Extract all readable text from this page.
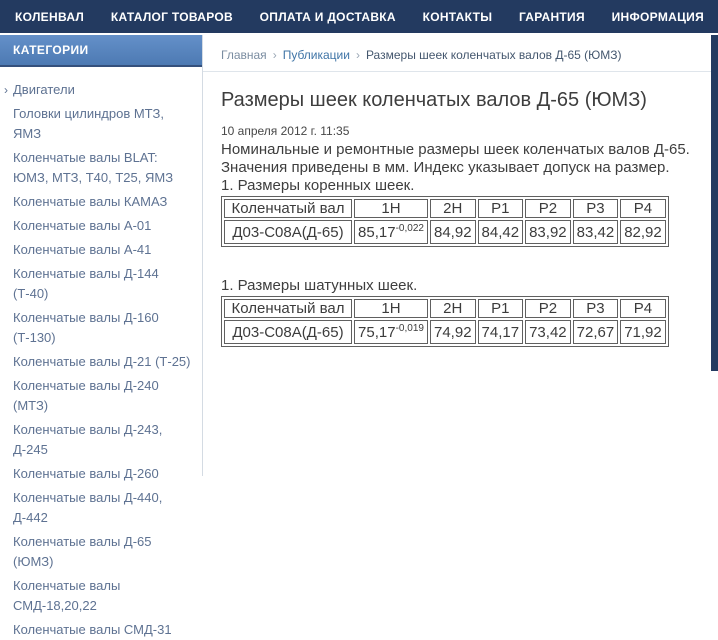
КОЛЕНВАЛ КАТАЛОГ ТОВАРОВ ОПЛАТА И ДОСТАВКА КОНТАКТЫ ГАРАНТИЯ ИНФОРМАЦИЯ
КАТЕГОРИИ
› Двигатели
Головки цилиндров МТЗ, ЯМЗ
Коленчатые валы BLAT: ЮМЗ, МТЗ, Т40, Т25, ЯМЗ
Коленчатые валы КАМАЗ
Коленчатые валы А-01
Коленчатые валы А-41
Коленчатые валы Д-144 (Т-40)
Коленчатые валы Д-160 (Т-130)
Коленчатые валы Д-21 (Т-25)
Коленчатые валы Д-240 (МТЗ)
Коленчатые валы Д-243, Д-245
Коленчатые валы Д-260
Коленчатые валы Д-440, Д-442
Коленчатые валы Д-65 (ЮМЗ)
Коленчатые валы СМД-18,20,22
Коленчатые валы СМД-31
Главная › Публикации › Размеры шеек коленчатых валов Д-65 (ЮМЗ)
Размеры шеек коленчатых валов Д-65 (ЮМЗ)
10 апреля 2012 г. 11:35

Номинальные и ремонтные размеры шеек коленчатых валов Д-65. Значения приведены в мм. Индекс указывает допуск на размер.

1. Размеры коренных шеек.
Коленчатый вал	1Н	2Н	Р1	Р2	Р3	Р4
Д03-С08А(Д-65)	$85,17^{-0,022}$	84,92	84,42	83,92	83,42	82,92
1. Размеры шатунных шеек.
Коленчатый вал	1Н	2Н	Р1	Р2	Р3	Р4
Д03-С08А(Д-65)	$75,17^{-0,019}$	74,92	74,17	73,42	72,67	71,92
